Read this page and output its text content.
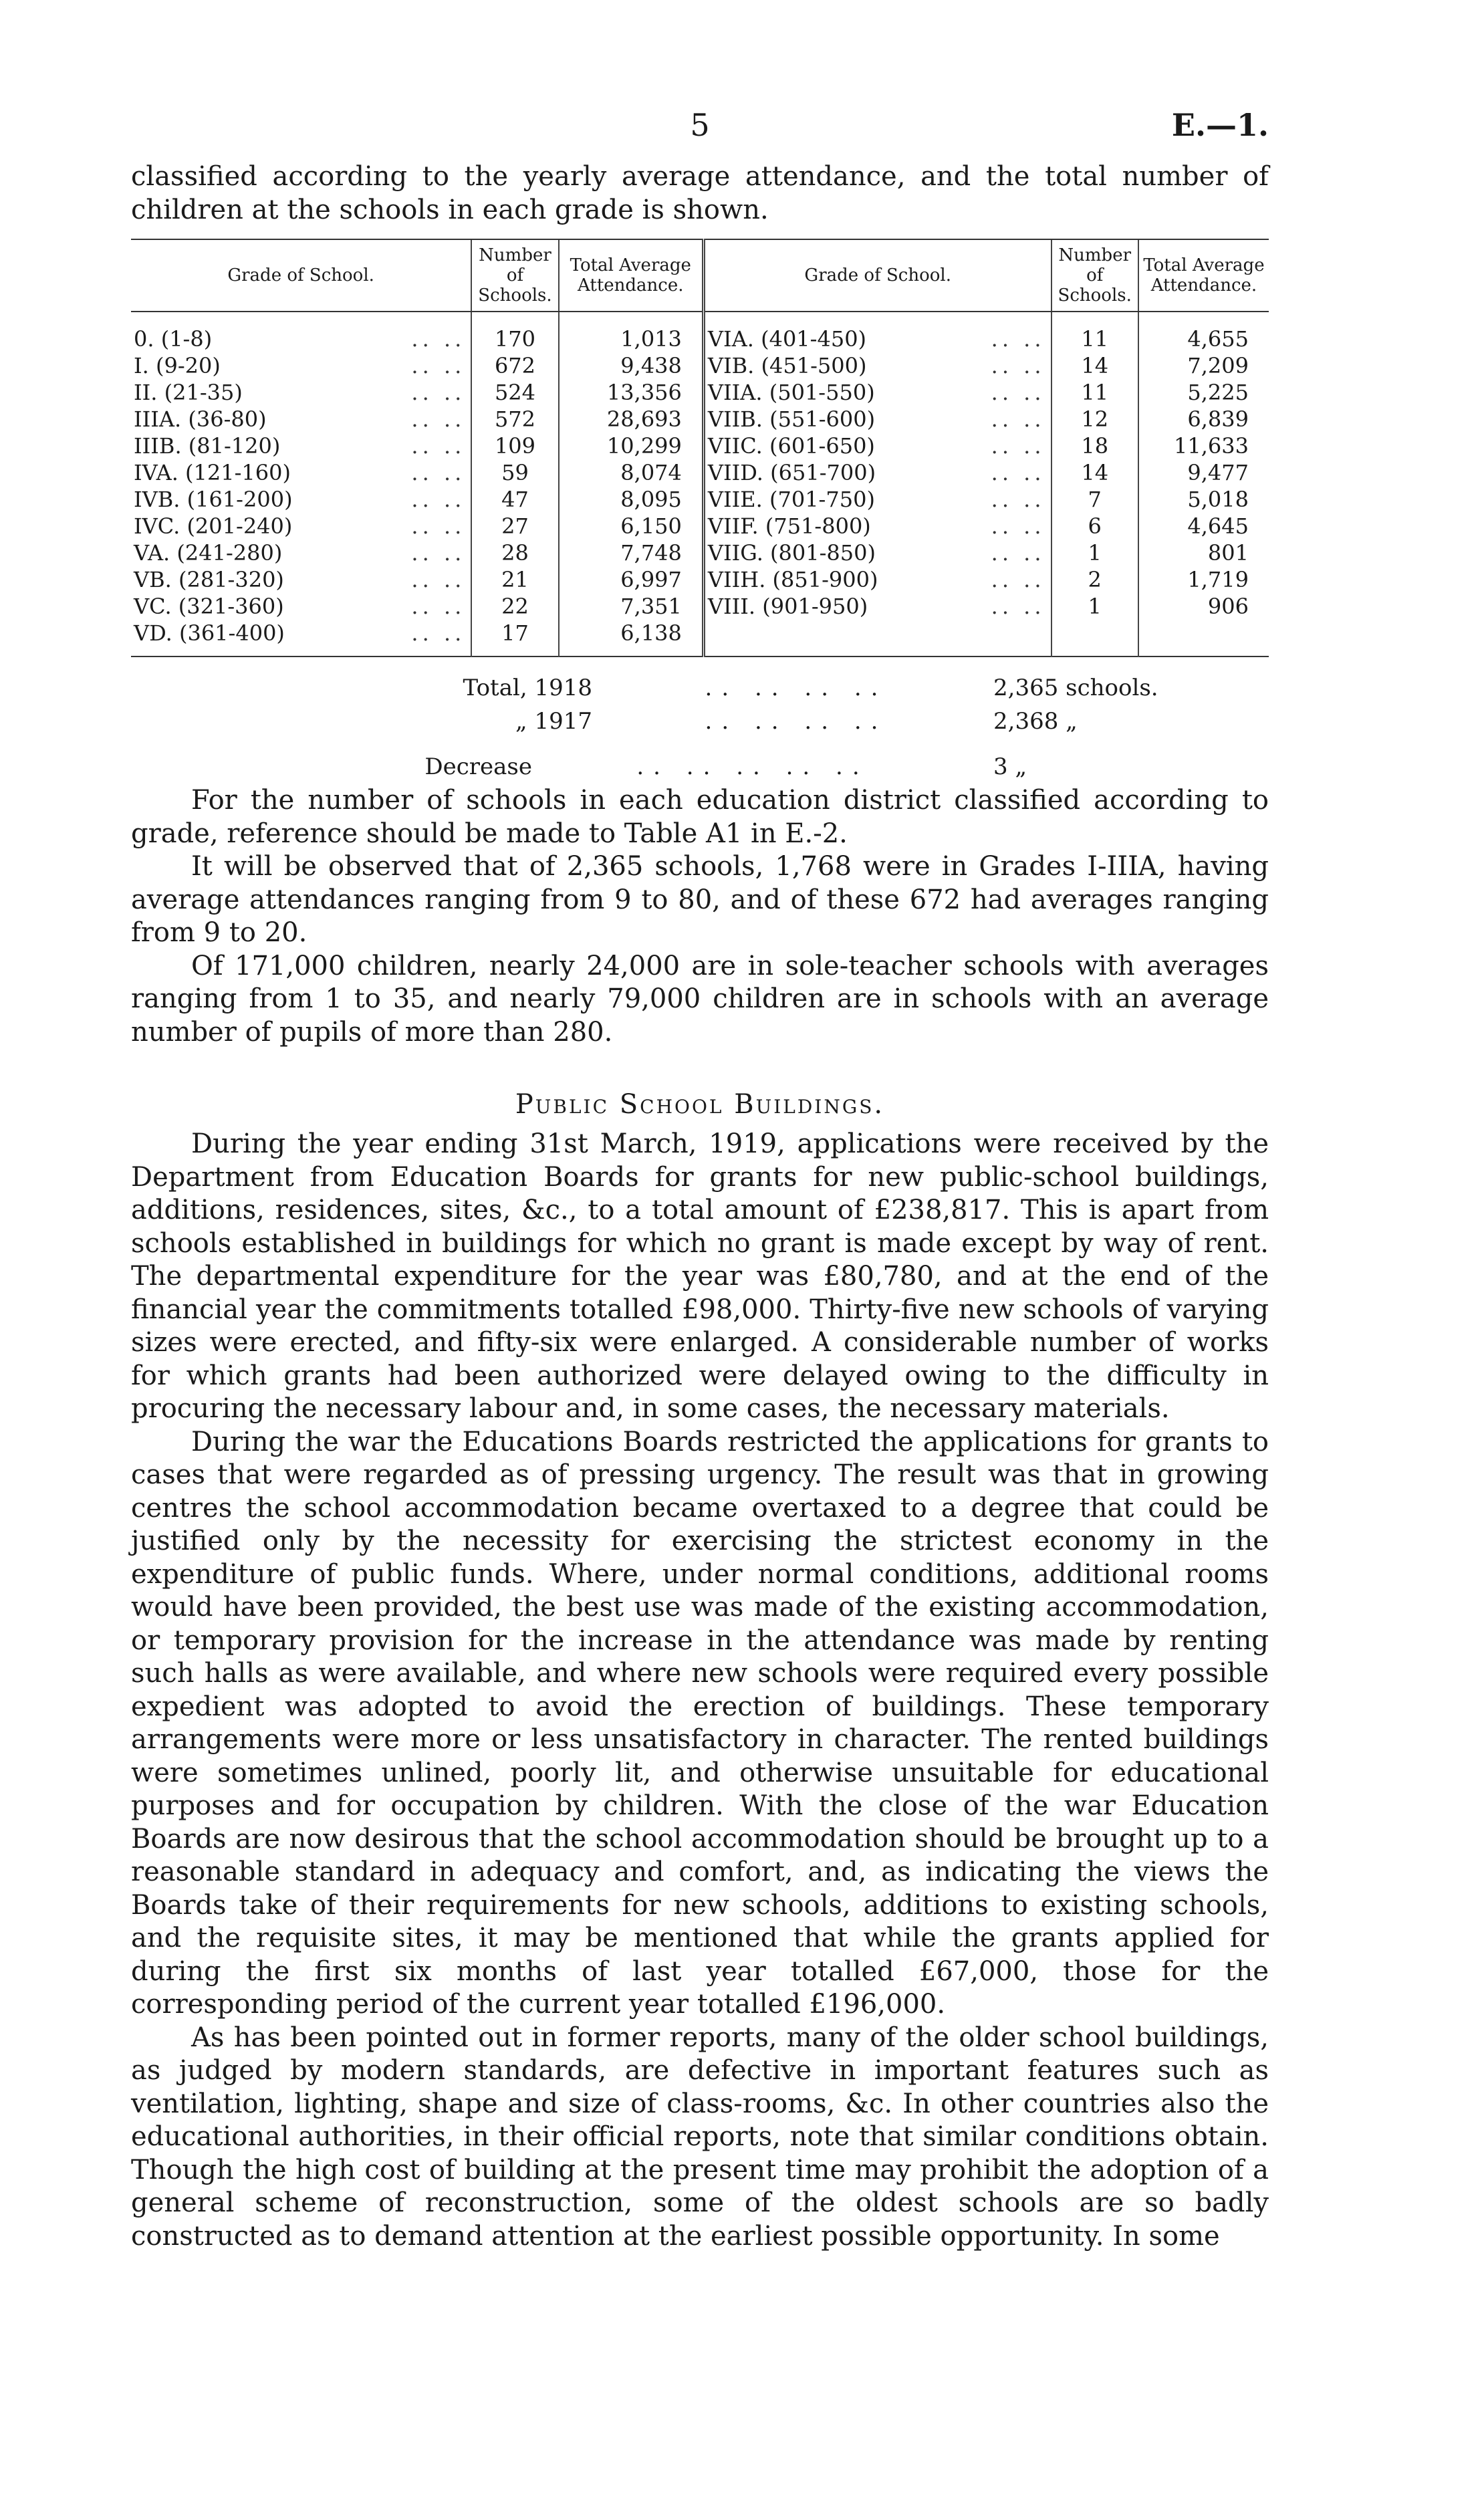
5	E.—1.

classified according to the yearly average attendance, and the total number of children at the schools in each grade is shown.

Grade of School.	Number of Schools.	Total Average Attendance.	Grade of School.	Number of Schools.	Total Average Attendance.
0. (1-8) .. ..	170	1,013	VIA. (401-450) .. ..	11	4,655
I. (9-20) .. ..	672	9,438	VIB. (451-500) .. ..	14	7,209
II. (21-35) .. ..	524	13,356	VIIA. (501-550) .. ..	11	5,225
IIIA. (36-80) .. ..	572	28,693	VIIB. (551-600) .. ..	12	6,839
IIIB. (81-120) .. ..	109	10,299	VIIC. (601-650) .. ..	18	11,633
IVA. (121-160) .. ..	59	8,074	VIID. (651-700) .. ..	14	9,477
IVB. (161-200) .. ..	47	8,095	VIIE. (701-750) .. ..	7	5,018
IVC. (201-240) .. ..	27	6,150	VIIF. (751-800) .. ..	6	4,645
VA. (241-280) .. ..	28	7,748	VIIG. (801-850) .. ..	1	801
VB. (281-320) .. ..	21	6,997	VIIH. (851-900) .. ..	2	1,719
VC. (321-360) .. ..	22	7,351	VIII. (901-950) .. ..	1	906
VD. (361-400) .. ..	17	6,138			
Total, 1918	.. .. .. ..	2,365 schools.
„ 1917	.. .. .. ..	2,368 „
Decrease	.. .. .. .. ..	3 „

For the number of schools in each education district classified according to grade, reference should be made to Table A1 in E.-2.

It will be observed that of 2,365 schools, 1,768 were in Grades I-IIIA, having average attendances ranging from 9 to 80, and of these 672 had averages ranging from 9 to 20.

Of 171,000 children, nearly 24,000 are in sole-teacher schools with averages ranging from 1 to 35, and nearly 79,000 children are in schools with an average number of pupils of more than 280.

Public School Buildings.

During the year ending 31st March, 1919, applications were received by the Department from Education Boards for grants for new public-school buildings, additions, residences, sites, &c., to a total amount of £238,817. This is apart from schools established in buildings for which no grant is made except by way of rent. The departmental expenditure for the year was £80,780, and at the end of the financial year the commitments totalled £98,000. Thirty-five new schools of varying sizes were erected, and fifty-six were enlarged. A considerable number of works for which grants had been authorized were delayed owing to the difficulty in procuring the necessary labour and, in some cases, the necessary materials.

During the war the Educations Boards restricted the applications for grants to cases that were regarded as of pressing urgency. The result was that in growing centres the school accommodation became overtaxed to a degree that could be justified only by the necessity for exercising the strictest economy in the expenditure of public funds. Where, under normal conditions, additional rooms would have been provided, the best use was made of the existing accommodation, or temporary provision for the increase in the attendance was made by renting such halls as were available, and where new schools were required every possible expedient was adopted to avoid the erection of buildings. These temporary arrangements were more or less unsatisfactory in character. The rented buildings were sometimes unlined, poorly lit, and otherwise unsuitable for educational purposes and for occupation by children. With the close of the war Education Boards are now desirous that the school accommodation should be brought up to a reasonable standard in adequacy and comfort, and, as indicating the views the Boards take of their requirements for new schools, additions to existing schools, and the requisite sites, it may be mentioned that while the grants applied for during the first six months of last year totalled £67,000, those for the corresponding period of the current year totalled £196,000.

As has been pointed out in former reports, many of the older school buildings, as judged by modern standards, are defective in important features such as ventilation, lighting, shape and size of class-rooms, &c. In other countries also the educational authorities, in their official reports, note that similar conditions obtain. Though the high cost of building at the present time may prohibit the adoption of a general scheme of reconstruction, some of the oldest schools are so badly constructed as to demand attention at the earliest possible opportunity. In some
